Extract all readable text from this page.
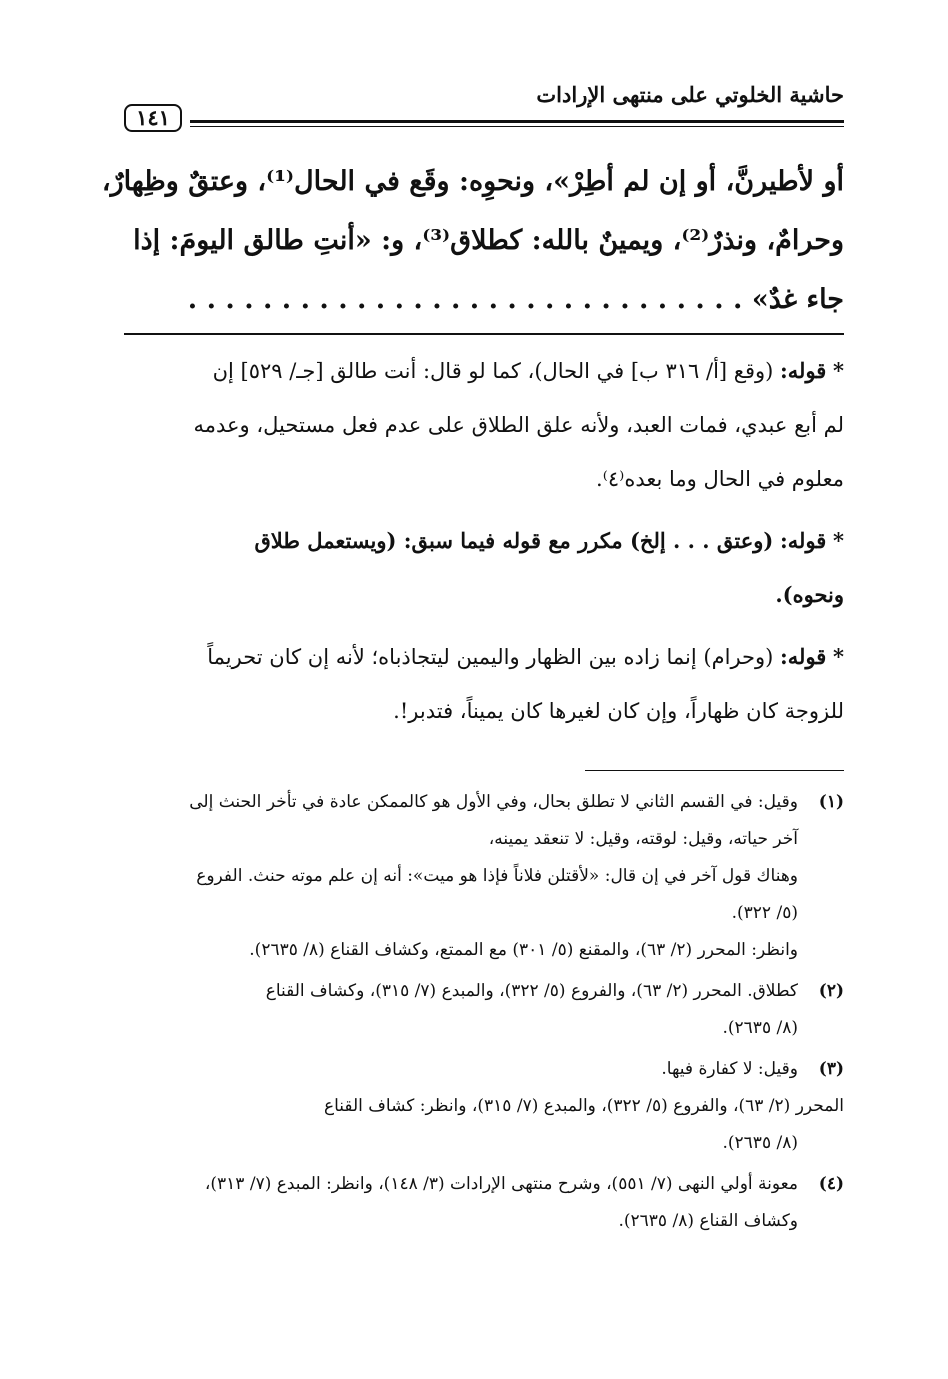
حاشية الخلوتي على منتهى الإرادات
١٤١
أو لأطيرنَّ، أو إن لم أطِرْ»، ونحوِه: وقَع في الحال⁽¹⁾، وعتقٌ وظِهارٌ،
وحرامٌ، ونذرٌ⁽²⁾، ويمينٌ بالله: كطلاق⁽³⁾، و: «أنتِ طالق اليومَ: إذا
جاء غدٌ» . . . . . . . . . . . . . . . . . . . . . . . . . . . . . .
* قوله: (وقع [أ/ ٣١٦ ب] في الحال)، كما لو قال: أنت طالق [جـ/ ٥٢٩] إن
لم أبع عبدي، فمات العبد، ولأنه علق الطلاق على عدم فعل مستحيل، وعدمه
معلوم في الحال وما بعده⁽٤⁾.
* قوله: (وعتق . . . إلخ) مكرر مع قوله فيما سبق: (ويستعمل طلاق
ونحوه).
* قوله: (وحرام) إنما زاده بين الظهار واليمين ليتجاذباه؛ لأنه إن كان تحريماً
للزوجة كان ظهاراً، وإن كان لغيرها كان يميناً، فتدبر!.
(١)
وقيل: في القسم الثاني لا تطلق بحال، وفي الأول هو كالممكن عادة في تأخر الحنث إلى
آخر حياته، وقيل: لوقته، وقيل: لا تنعقد يمينه،
وهناك قول آخر في إن قال: «لأقتلن فلاناً فإذا هو ميت»: أنه إن علم موته حنث. الفروع
(٥/ ٣٢٢).
وانظر: المحرر (٢/ ٦٣)، والمقنع (٥/ ٣٠١) مع الممتع، وكشاف القناع (٨/ ٢٦٣٥).
(٢)
كطلاق. المحرر (٢/ ٦٣)، والفروع (٥/ ٣٢٢)، والمبدع (٧/ ٣١٥)، وكشاف القناع
(٨/ ٢٦٣٥).
(٣)
وقيل: لا كفارة فيها.
المحرر (٢/ ٦٣)، والفروع (٥/ ٣٢٢)، والمبدع (٧/ ٣١٥)، وانظر: كشاف القناع
(٨/ ٢٦٣٥).
(٤)
معونة أولي النهى (٧/ ٥٥١)، وشرح منتهى الإرادات (٣/ ١٤٨)، وانظر: المبدع (٧/ ٣١٣)،
وكشاف القناع (٨/ ٢٦٣٥).
